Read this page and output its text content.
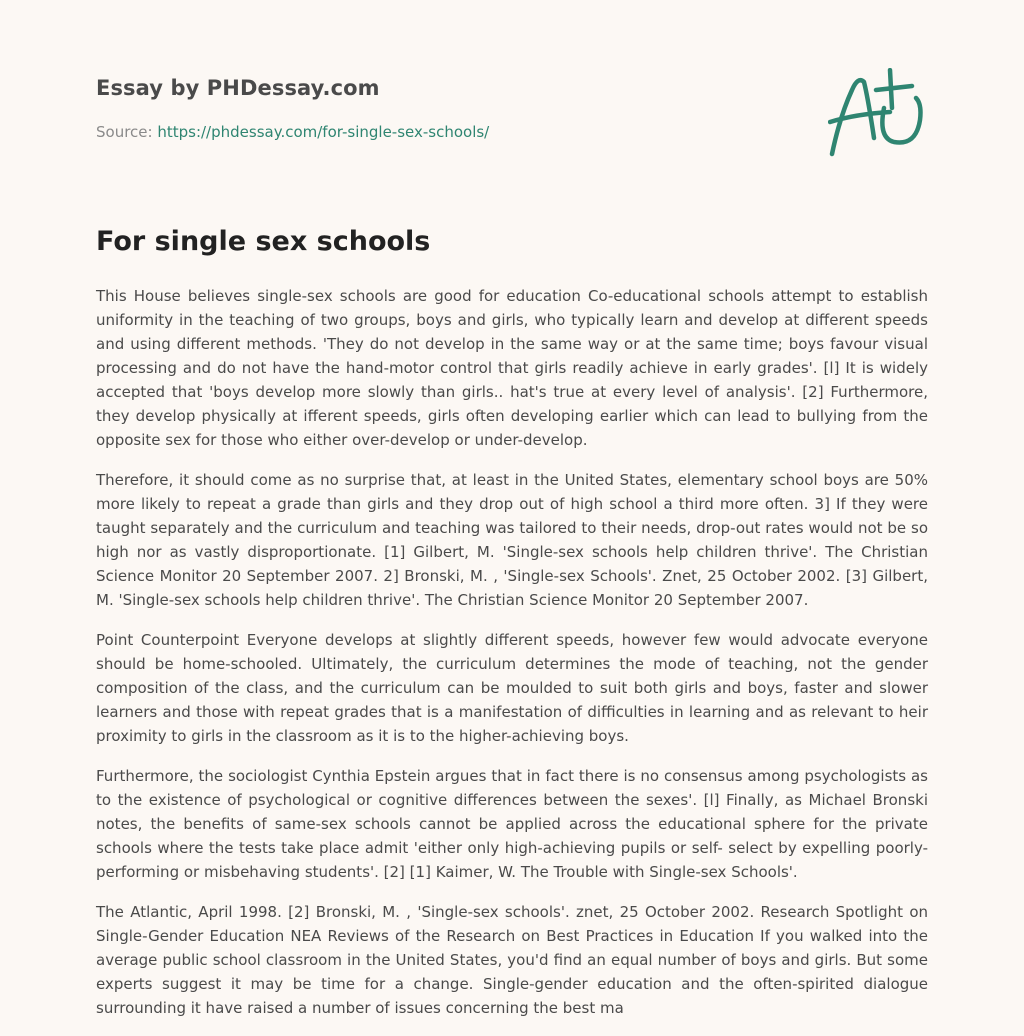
Essay by PHDessay.com
Source: https://phdessay.com/for-single-sex-schools/
For single sex schools

This House believes single-sex schools are good for education Co-educational schools attempt to establish uniformity in the teaching of two groups, boys and girls, who typically learn and develop at different speeds and using different methods. 'They do not develop in the same way or at the same time; boys favour visual processing and do not have the hand-motor control that girls readily achieve in early grades'. [l] It is widely accepted that 'boys develop more slowly than girls.. hat's true at every level of analysis'. [2] Furthermore, they develop physically at ifferent speeds, girls often developing earlier which can lead to bullying from the opposite sex for those who either over-develop or under-develop.

Therefore, it should come as no surprise that, at least in the United States, elementary school boys are 50% more likely to repeat a grade than girls and they drop out of high school a third more often. 3] If they were taught separately and the curriculum and teaching was tailored to their needs, drop-out rates would not be so high nor as vastly disproportionate. [1] Gilbert, M. 'Single-sex schools help children thrive'. The Christian Science Monitor 20 September 2007. 2] Bronski, M. , 'Single-sex Schools'. Znet, 25 October 2002. [3] Gilbert, M. 'Single-sex schools help children thrive'. The Christian Science Monitor 20 September 2007.

Point Counterpoint Everyone develops at slightly different speeds, however few would advocate everyone should be home-schooled. Ultimately, the curriculum determines the mode of teaching, not the gender composition of the class, and the curriculum can be moulded to suit both girls and boys, faster and slower learners and those with repeat grades that is a manifestation of difficulties in learning and as relevant to heir proximity to girls in the classroom as it is to the higher-achieving boys.

Furthermore, the sociologist Cynthia Epstein argues that in fact there is no consensus among psychologists as to the existence of psychological or cognitive differences between the sexes'. [l] Finally, as Michael Bronski notes, the benefits of same-sex schools cannot be applied across the educational sphere for the private schools where the tests take place admit 'either only high-achieving pupils or self- select by expelling poorly-performing or misbehaving students'. [2] [1] Kaimer, W. The Trouble with Single-sex Schools'.

The Atlantic, April 1998. [2] Bronski, M. , 'Single-sex schools'. znet, 25 October 2002. Research Spotlight on Single-Gender Education NEA Reviews of the Research on Best Practices in Education If you walked into the average public school classroom in the United States, you'd find an equal number of boys and girls. But some experts suggest it may be time for a change. Single-gender education and the often-spirited dialogue surrounding it have raised a number of issues concerning the best ma
